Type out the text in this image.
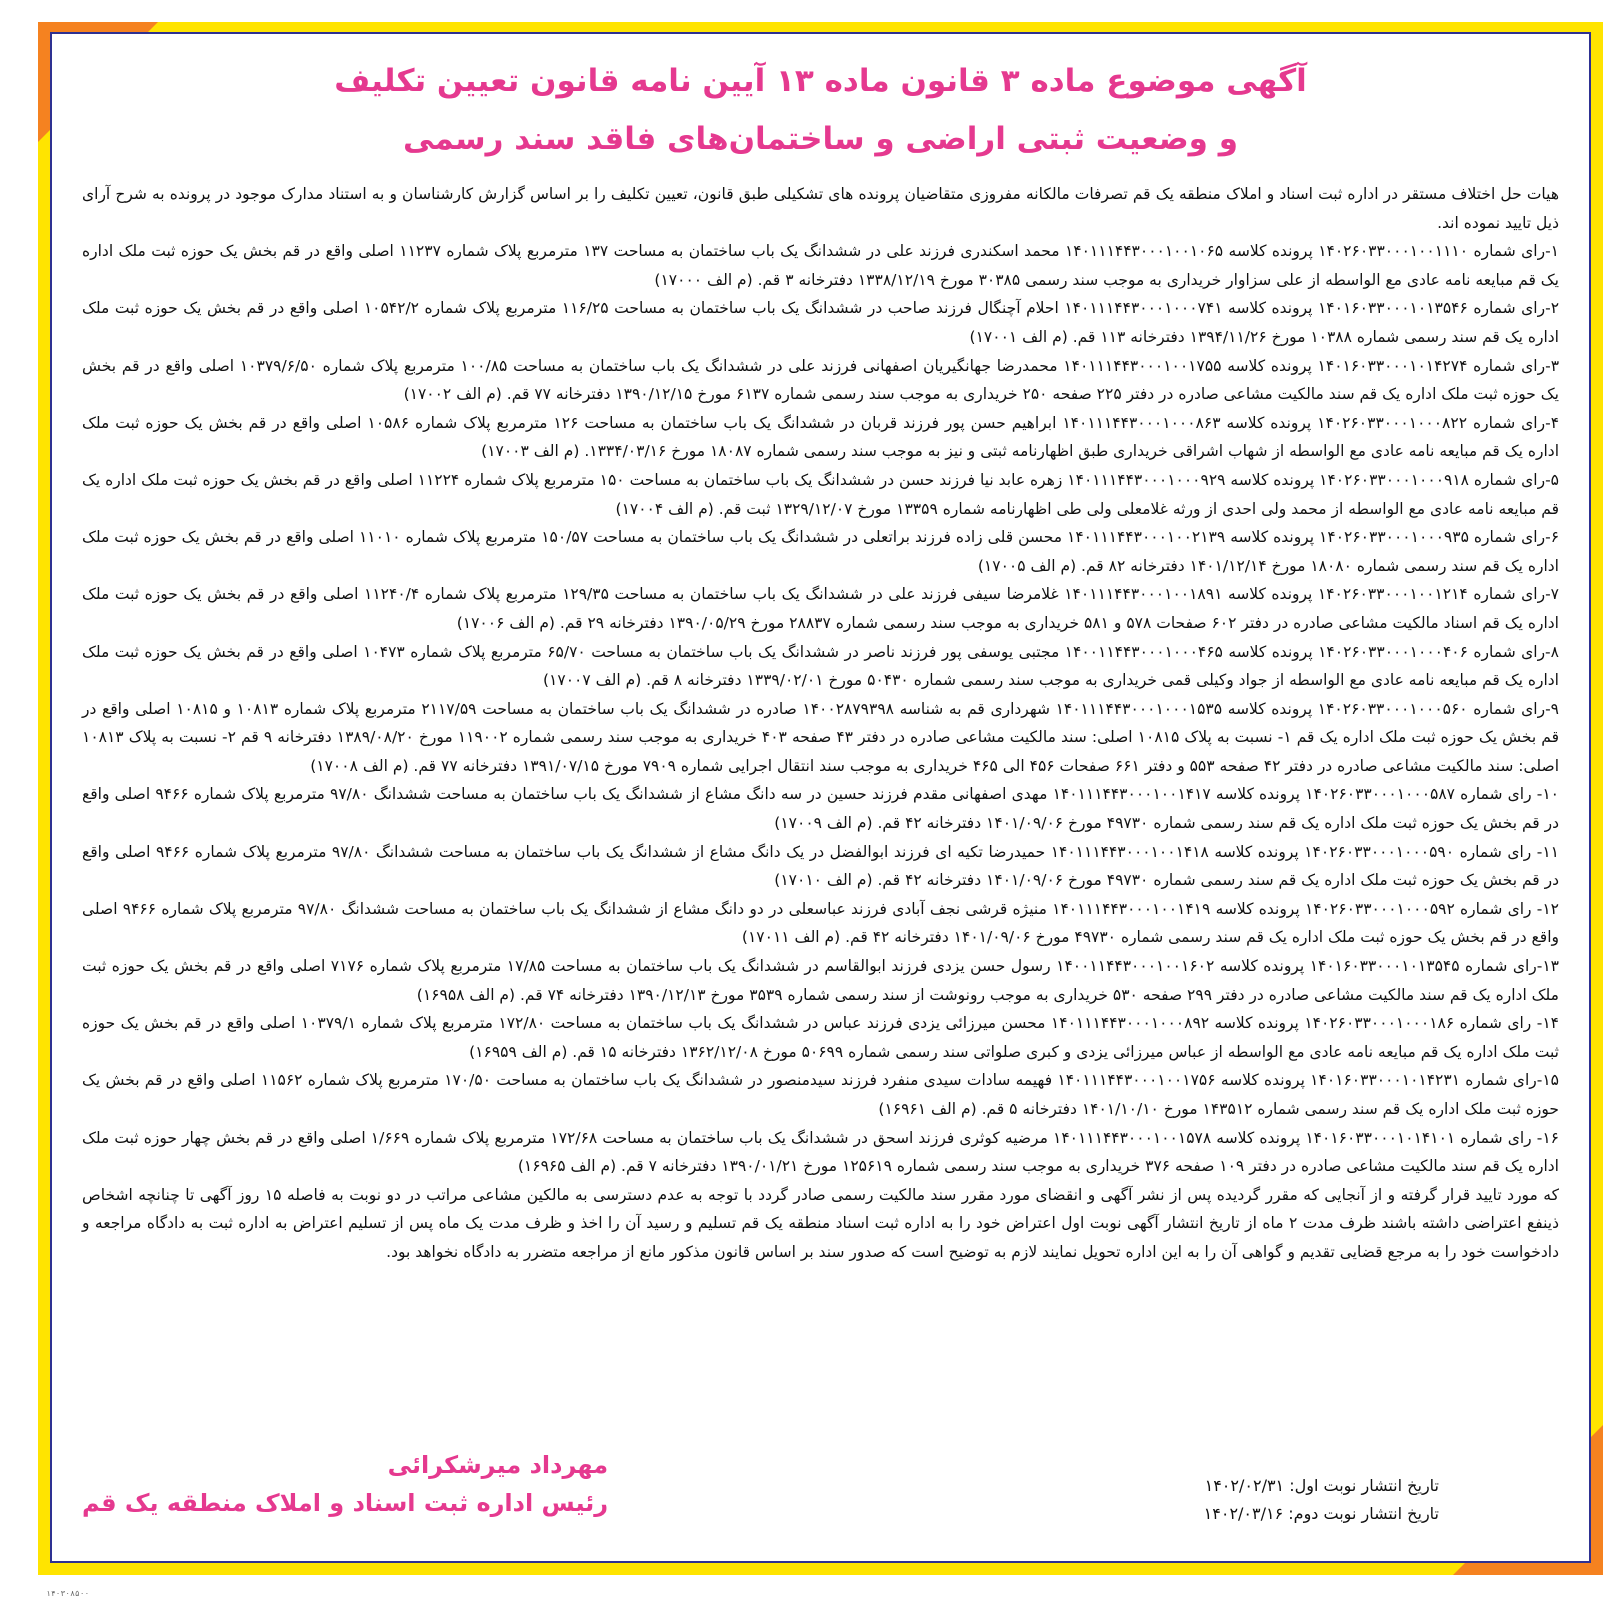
آگهی موضوع ماده ۳ قانون ماده ۱۳ آیین نامه قانون تعیین تکلیف
و وضعیت ثبتی اراضی و ساختمان‌های فاقد سند رسمی

هیات حل اختلاف مستقر در اداره ثبت اسناد و املاک منطقه یک قم تصرفات مالکانه مفروزی متقاضیان پرونده های تشکیلی طبق قانون، تعیین تکلیف را بر اساس گزارش کارشناسان و به استناد مدارک موجود در پرونده به شرح آرای ذیل تایید نموده اند.

۱-رای شماره ۱۴۰۲۶۰۳۳۰۰۰۱۰۰۱۱۱۰ پرونده کلاسه ۱۴۰۱۱۱۴۴۳۰۰۰۱۰۰۱۰۶۵ محمد اسکندری فرزند علی در ششدانگ یک باب ساختمان به مساحت ۱۳۷ مترمربع پلاک شماره ۱۱۲۳۷ اصلی واقع در قم بخش یک حوزه ثبت ملک اداره یک قم مبایعه نامه عادی مع الواسطه از علی سزاوار خریداری به موجب سند رسمی ۳۰۳۸۵ مورخ ۱۳۳۸/۱۲/۱۹ دفترخانه ۳ قم. (م الف ۱۷۰۰۰)

۲-رای شماره ۱۴۰۱۶۰۳۳۰۰۰۱۰۱۳۵۴۶ پرونده کلاسه ۱۴۰۱۱۱۴۴۳۰۰۰۱۰۰۰۷۴۱ احلام آچنگال فرزند صاحب در ششدانگ یک باب ساختمان به مساحت ۱۱۶/۲۵ مترمربع پلاک شماره ۱۰۵۴۲/۲ اصلی واقع در قم بخش یک حوزه ثبت ملک اداره یک قم سند رسمی شماره ۱۰۳۸۸ مورخ ۱۳۹۴/۱۱/۲۶ دفترخانه ۱۱۳ قم. (م الف ۱۷۰۰۱)

۳-رای شماره ۱۴۰۱۶۰۳۳۰۰۰۱۰۱۴۲۷۴ پرونده کلاسه ۱۴۰۱۱۱۴۴۳۰۰۰۱۰۰۱۷۵۵ محمدرضا جهانگیریان اصفهانی فرزند علی در ششدانگ یک باب ساختمان به مساحت ۱۰۰/۸۵ مترمربع پلاک شماره ۱۰۳۷۹/۶/۵۰ اصلی واقع در قم بخش یک حوزه ثبت ملک اداره یک قم سند مالکیت مشاعی صادره در دفتر ۲۲۵ صفحه ۲۵۰ خریداری به موجب سند رسمی شماره ۶۱۳۷ مورخ ۱۳۹۰/۱۲/۱۵ دفترخانه ۷۷ قم. (م الف ۱۷۰۰۲)

۴-رای شماره ۱۴۰۲۶۰۳۳۰۰۰۱۰۰۰۸۲۲ پرونده کلاسه ۱۴۰۱۱۱۴۴۳۰۰۰۱۰۰۰۸۶۳ ابراهیم حسن پور فرزند قربان در ششدانگ یک باب ساختمان به مساحت ۱۲۶ مترمربع پلاک شماره ۱۰۵۸۶ اصلی واقع در قم بخش یک حوزه ثبت ملک اداره یک قم مبایعه نامه عادی مع الواسطه از شهاب اشراقی خریداری طبق اظهارنامه ثبتی و نیز به موجب سند رسمی شماره ۱۸۰۸۷ مورخ ۱۳۳۴/۰۳/۱۶. (م الف ۱۷۰۰۳)

۵-رای شماره ۱۴۰۲۶۰۳۳۰۰۰۱۰۰۰۹۱۸ پرونده کلاسه ۱۴۰۱۱۱۴۴۳۰۰۰۱۰۰۰۹۲۹ زهره عابد نیا فرزند حسن در ششدانگ یک باب ساختمان به مساحت ۱۵۰ مترمربع پلاک شماره ۱۱۲۲۴ اصلی واقع در قم بخش یک حوزه ثبت ملک اداره یک قم مبایعه نامه عادی مع الواسطه از محمد ولی احدی از ورثه غلامعلی ولی طی اظهارنامه شماره ۱۳۳۵۹ مورخ ۱۳۲۹/۱۲/۰۷ ثبت قم. (م الف ۱۷۰۰۴)

۶-رای شماره ۱۴۰۲۶۰۳۳۰۰۰۱۰۰۰۹۳۵ پرونده کلاسه ۱۴۰۱۱۱۴۴۳۰۰۰۱۰۰۲۱۳۹ محسن قلی زاده فرزند براتعلی در ششدانگ یک باب ساختمان به مساحت ۱۵۰/۵۷ مترمربع پلاک شماره ۱۱۰۱۰ اصلی واقع در قم بخش یک حوزه ثبت ملک اداره یک قم سند رسمی شماره ۱۸۰۸۰ مورخ ۱۴۰۱/۱۲/۱۴ دفترخانه ۸۲ قم. (م الف ۱۷۰۰۵)

۷-رای شماره ۱۴۰۲۶۰۳۳۰۰۰۱۰۰۱۲۱۴ پرونده کلاسه ۱۴۰۱۱۱۴۴۳۰۰۰۱۰۰۱۸۹۱ غلامرضا سیفی فرزند علی در ششدانگ یک باب ساختمان به مساحت ۱۲۹/۳۵ مترمربع پلاک شماره ۱۱۲۴۰/۴ اصلی واقع در قم بخش یک حوزه ثبت ملک اداره یک قم اسناد مالکیت مشاعی صادره در دفتر ۶۰۲ صفحات ۵۷۸ و ۵۸۱ خریداری به موجب سند رسمی شماره ۲۸۸۳۷ مورخ ۱۳۹۰/۰۵/۲۹ دفترخانه ۲۹ قم. (م الف ۱۷۰۰۶)

۸-رای شماره ۱۴۰۲۶۰۳۳۰۰۰۱۰۰۰۴۰۶ پرونده کلاسه ۱۴۰۰۱۱۴۴۳۰۰۰۱۰۰۰۴۶۵ مجتبی یوسفی پور فرزند ناصر در ششدانگ یک باب ساختمان به مساحت ۶۵/۷۰ مترمربع پلاک شماره ۱۰۴۷۳ اصلی واقع در قم بخش یک حوزه ثبت ملک اداره یک قم مبایعه نامه عادی مع الواسطه از جواد وکیلی قمی خریداری به موجب سند رسمی شماره ۵۰۴۳۰ مورخ ۱۳۳۹/۰۲/۰۱ دفترخانه ۸ قم. (م الف ۱۷۰۰۷)

۹-رای شماره ۱۴۰۲۶۰۳۳۰۰۰۱۰۰۰۵۶۰ پرونده کلاسه ۱۴۰۱۱۱۴۴۳۰۰۰۱۰۰۰۱۵۳۵ شهرداری قم به شناسه ۱۴۰۰۲۸۷۹۳۹۸ صادره در ششدانگ یک باب ساختمان به مساحت ۲۱۱۷/۵۹ مترمربع پلاک شماره ۱۰۸۱۳ و ۱۰۸۱۵ اصلی واقع در قم بخش یک حوزه ثبت ملک اداره یک قم ۱- نسبت به پلاک ۱۰۸۱۵ اصلی: سند مالکیت مشاعی صادره در دفتر ۴۳ صفحه ۴۰۳ خریداری به موجب سند رسمی شماره ۱۱۹۰۰۲ مورخ ۱۳۸۹/۰۸/۲۰ دفترخانه ۹ قم ۲- نسبت به پلاک ۱۰۸۱۳ اصلی: سند مالکیت مشاعی صادره در دفتر ۴۲ صفحه ۵۵۳ و دفتر ۶۶۱ صفحات ۴۵۶ الی ۴۶۵ خریداری به موجب سند انتقال اجرایی شماره ۷۹۰۹ مورخ ۱۳۹۱/۰۷/۱۵ دفترخانه ۷۷ قم. (م الف ۱۷۰۰۸)

۱۰- رای شماره ۱۴۰۲۶۰۳۳۰۰۰۱۰۰۰۵۸۷ پرونده کلاسه ۱۴۰۱۱۱۴۴۳۰۰۰۱۰۰۱۴۱۷ مهدی اصفهانی مقدم فرزند حسین در سه دانگ مشاع از ششدانگ یک باب ساختمان به مساحت ششدانگ ۹۷/۸۰ مترمربع پلاک شماره ۹۴۶۶ اصلی واقع در قم بخش یک حوزه ثبت ملک اداره یک قم سند رسمی شماره ۴۹۷۳۰ مورخ ۱۴۰۱/۰۹/۰۶ دفترخانه ۴۲ قم. (م الف ۱۷۰۰۹)

۱۱- رای شماره ۱۴۰۲۶۰۳۳۰۰۰۱۰۰۰۵۹۰ پرونده کلاسه ۱۴۰۱۱۱۴۴۳۰۰۰۱۰۰۱۴۱۸ حمیدرضا تکیه ای فرزند ابوالفضل در یک دانگ مشاع از ششدانگ یک باب ساختمان به مساحت ششدانگ ۹۷/۸۰ مترمربع پلاک شماره ۹۴۶۶ اصلی واقع در قم بخش یک حوزه ثبت ملک اداره یک قم سند رسمی شماره ۴۹۷۳۰ مورخ ۱۴۰۱/۰۹/۰۶ دفترخانه ۴۲ قم. (م الف ۱۷۰۱۰)

۱۲- رای شماره ۱۴۰۲۶۰۳۳۰۰۰۱۰۰۰۵۹۲ پرونده کلاسه ۱۴۰۱۱۱۴۴۳۰۰۰۱۰۰۱۴۱۹ منیژه قرشی نجف آبادی فرزند عباسعلی در دو دانگ مشاع از ششدانگ یک باب ساختمان به مساحت ششدانگ ۹۷/۸۰ مترمربع پلاک شماره ۹۴۶۶ اصلی واقع در قم بخش یک حوزه ثبت ملک اداره یک قم سند رسمی شماره ۴۹۷۳۰ مورخ ۱۴۰۱/۰۹/۰۶ دفترخانه ۴۲ قم. (م الف ۱۷۰۱۱)

۱۳-رای شماره ۱۴۰۱۶۰۳۳۰۰۰۱۰۱۳۵۴۵ پرونده کلاسه ۱۴۰۰۱۱۴۴۳۰۰۰۱۰۰۱۶۰۲ رسول حسن یزدی فرزند ابوالقاسم در ششدانگ یک باب ساختمان به مساحت ۱۷/۸۵ مترمربع پلاک شماره ۷۱۷۶ اصلی واقع در قم بخش یک حوزه ثبت ملک اداره یک قم سند مالکیت مشاعی صادره در دفتر ۲۹۹ صفحه ۵۳۰ خریداری به موجب رونوشت از سند رسمی شماره ۳۵۳۹ مورخ ۱۳۹۰/۱۲/۱۳ دفترخانه ۷۴ قم. (م الف ۱۶۹۵۸)

۱۴- رای شماره ۱۴۰۲۶۰۳۳۰۰۰۱۰۰۰۱۸۶ پرونده کلاسه ۱۴۰۱۱۱۴۴۳۰۰۰۱۰۰۰۸۹۲ محسن میرزائی یزدی فرزند عباس در ششدانگ یک باب ساختمان به مساحت ۱۷۲/۸۰ مترمربع پلاک شماره ۱۰۳۷۹/۱ اصلی واقع در قم بخش یک حوزه ثبت ملک اداره یک قم مبایعه نامه عادی مع الواسطه از عباس میرزائی یزدی و کبری صلواتی سند رسمی شماره ۵۰۶۹۹ مورخ ۱۳۶۲/۱۲/۰۸ دفترخانه ۱۵ قم. (م الف ۱۶۹۵۹)

۱۵-رای شماره ۱۴۰۱۶۰۳۳۰۰۰۱۰۱۴۲۳۱ پرونده کلاسه ۱۴۰۱۱۱۴۴۳۰۰۰۱۰۰۱۷۵۶ فهیمه سادات سیدی منفرد فرزند سیدمنصور در ششدانگ یک باب ساختمان به مساحت ۱۷۰/۵۰ مترمربع پلاک شماره ۱۱۵۶۲ اصلی واقع در قم بخش یک حوزه ثبت ملک اداره یک قم سند رسمی شماره ۱۴۳۵۱۲ مورخ ۱۴۰۱/۱۰/۱۰ دفترخانه ۵ قم. (م الف ۱۶۹۶۱)

۱۶- رای شماره ۱۴۰۱۶۰۳۳۰۰۰۱۰۱۴۱۰۱ پرونده کلاسه ۱۴۰۱۱۱۴۴۳۰۰۰۱۰۰۱۵۷۸ مرضیه کوثری فرزند اسحق در ششدانگ یک باب ساختمان به مساحت ۱۷۲/۶۸ مترمربع پلاک شماره ۱/۶۶۹ اصلی واقع در قم بخش چهار حوزه ثبت ملک اداره یک قم سند مالکیت مشاعی صادره در دفتر ۱۰۹ صفحه ۳۷۶ خریداری به موجب سند رسمی شماره ۱۲۵۶۱۹ مورخ ۱۳۹۰/۰۱/۲۱ دفترخانه ۷ قم. (م الف ۱۶۹۶۵)

که مورد تایید قرار گرفته و از آنجایی که مقرر گردیده پس از نشر آگهی و انقضای مورد مقرر سند مالکیت رسمی صادر گردد با توجه به عدم دسترسی به مالکین مشاعی مراتب در دو نوبت به فاصله ۱۵ روز آگهی تا چنانچه اشخاص ذینفع اعتراضی داشته باشند ظرف مدت ۲ ماه از تاریخ انتشار آگهی نوبت اول اعتراض خود را به اداره ثبت اسناد منطقه یک قم تسلیم و رسید آن را اخذ و ظرف مدت یک ماه پس از تسلیم اعتراض به اداره ثبت به دادگاه مراجعه و دادخواست خود را به مرجع قضایی تقدیم و گواهی آن را به این اداره تحویل نمایند لازم به توضیح است که صدور سند بر اساس قانون مذکور مانع از مراجعه متضرر به دادگاه نخواهد بود.

تاریخ انتشار نوبت اول: ۱۴۰۲/۰۲/۳۱
تاریخ انتشار نوبت دوم: ۱۴۰۲/۰۳/۱۶
مهرداد میرشکرائی
رئیس اداره ثبت اسناد و املاک منطقه یک قم
۱۴۰۳۰۸۵۰۰
